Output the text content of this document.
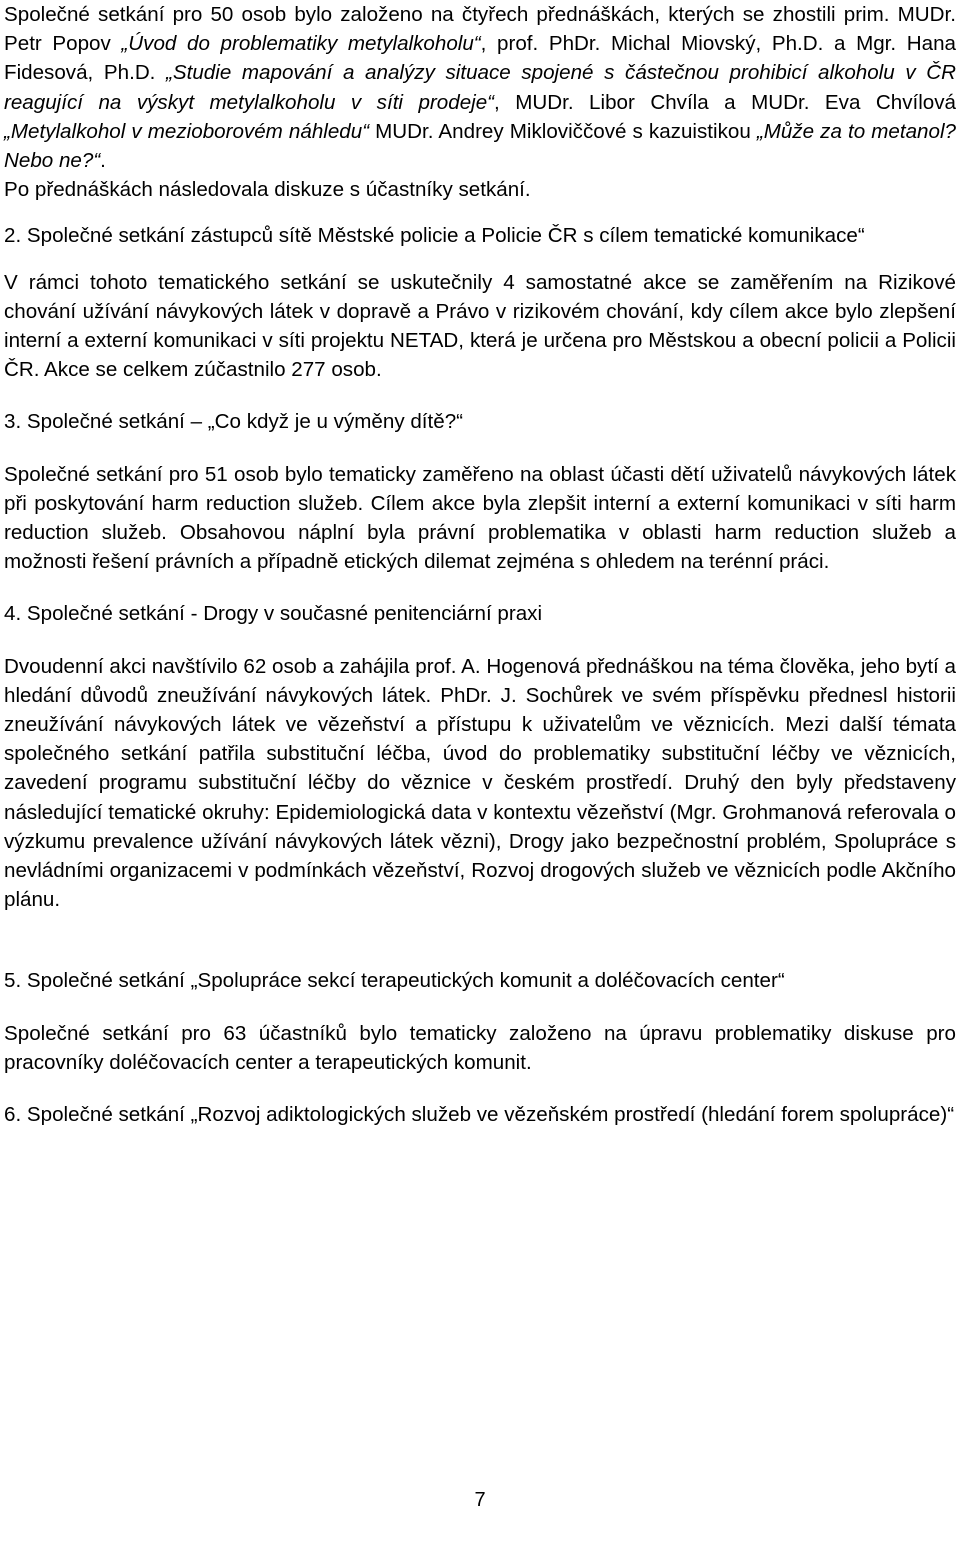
Společné setkání pro 50 osob bylo založeno na čtyřech přednáškách, kterých se zhostili prim. MUDr. Petr Popov „Úvod do problematiky metylalkoholu“, prof. PhDr. Michal Miovský, Ph.D. a Mgr. Hana Fidesová, Ph.D. „Studie mapování a analýzy situace spojené s částečnou prohibicí alkoholu v ČR reagující na výskyt metylalkoholu v síti prodeje“, MUDr. Libor Chvíla a MUDr. Eva Chvílová „Metylalkohol v mezioborovém náhledu“ MUDr. Andrey Mikloviččové s kazuistikou „Může za to metanol? Nebo ne?“.

Po přednáškách následovala diskuze s účastníky setkání.

2. Společné setkání zástupců sítě Městské policie a Policie ČR s cílem tematické komunikace“

V rámci tohoto tematického setkání se uskutečnily 4 samostatné akce se zaměřením na Rizikové chování užívání návykových látek v dopravě a Právo v rizikovém chování, kdy cílem akce bylo zlepšení interní a externí komunikaci v síti projektu NETAD, která je určena pro Městskou a obecní policii a Policii ČR. Akce se celkem zúčastnilo 277 osob.

3. Společné setkání – „Co když je u výměny dítě?“

Společné setkání pro 51 osob bylo tematicky zaměřeno na oblast účasti dětí uživatelů návykových látek při poskytování harm reduction služeb. Cílem akce byla zlepšit interní a externí komunikaci v síti harm reduction služeb. Obsahovou náplní byla právní problematika v oblasti harm reduction služeb a možnosti řešení právních a případně etických dilemat zejména s ohledem na terénní práci.

4. Společné setkání - Drogy v současné penitenciární praxi

Dvoudenní akci navštívilo 62 osob a zahájila prof. A. Hogenová přednáškou na téma člověka, jeho bytí a hledání důvodů zneužívání návykových látek. PhDr. J. Sochůrek ve svém příspěvku přednesl historii zneužívání návykových látek ve vězeňství a přístupu k uživatelům ve věznicích. Mezi další témata společného setkání patřila substituční léčba, úvod do problematiky substituční léčby ve věznicích, zavedení programu substituční léčby do věznice v českém prostředí. Druhý den byly představeny následující tematické okruhy: Epidemiologická data v kontextu vězeňství (Mgr. Grohmanová referovala o výzkumu prevalence užívání návykových látek vězni), Drogy jako bezpečnostní problém, Spolupráce s nevládními organizacemi v podmínkách vězeňství, Rozvoj drogových služeb ve věznicích podle Akčního plánu.

5. Společné setkání „Spolupráce sekcí terapeutických komunit a doléčovacích center“

Společné setkání pro 63 účastníků bylo tematicky založeno na úpravu problematiky diskuse pro pracovníky doléčovacích center a terapeutických komunit.

6. Společné setkání „Rozvoj adiktologických služeb ve vězeňském prostředí (hledání forem spolupráce)“

7
